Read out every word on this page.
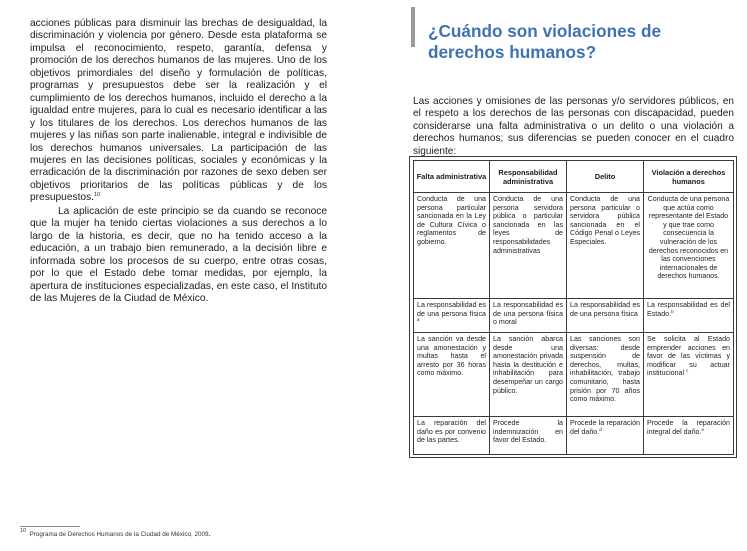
acciones públicas para disminuir las brechas de desigualdad, la discriminación y violencia por género. Desde esta plataforma se impulsa el reconocimiento, respeto, garantía, defensa y promoción de los derechos humanos de las mujeres. Uno de los objetivos primordiales del diseño y formulación de políticas, programas y presupuestos debe ser la realización y el cumplimiento de los derechos humanos, incluido el derecho a la igualdad entre mujeres, para lo cual es necesario identificar a las y los titulares de los derechos. Los derechos humanos de las mujeres y las niñas son parte inalienable, integral e indivisible de los derechos humanos universales. La participación de las mujeres en las decisiones políticas, sociales y económicas y la erradicación de la discriminación por razones de sexo deben ser objetivos prioritarios de las políticas públicas y de los presupuestos.$^{10}$

La aplicación de este principio se da cuando se reconoce que la mujer ha tenido ciertas violaciones a sus derechos a lo largo de la historia, es decir, que no ha tenido acceso a la educación, a un trabajo bien remunerado, a la decisión libre e informada sobre los procesos de su cuerpo, entre otras cosas, por lo que el Estado debe tomar medidas, por ejemplo, la apertura de instituciones especializadas, en este caso, el Instituto de las Mujeres de la Ciudad de México.

10 Programa de Derechos Humanos de la Ciudad de México, 2009.
¿Cuándo son violaciones de derechos humanos?

Las acciones y omisiones de las personas y/o servidores públicos, en el respeto a los derechos de las personas con discapacidad, pueden considerarse una falta administrativa o un delito o una violación a derechos humanos; sus diferencias se pueden conocer en el cuadro siguiente:

Falta administrativa	Responsabilidad administrativa	Delito	Violación a derechos humanos
Conducta de una persona particular sancionada en la Ley de Cultura Cívica o reglamentos de gobierno.	Conducta de una persona servidora pública o particular sancionada en las leyes de responsabilidades administrativas	Conducta de una persona particular o servidora pública sancionada en el Código Penal o Leyes Especiales.	Conducta de una persona que actúa como representante del Estado y que trae como consecuencia la vulneración de los derechos reconocidos en las convenciones internacionales de derechos humanos.
La responsabilidad es de una persona física $^a$	La responsabilidad es de una persona física o moral	La responsabilidad es de una persona física	La responsabilidad es del Estado.$^b$
La sanción va desde una amonestación y multas hasta el arresto por 36 horas como máximo.	La sanción abarca desde una amonestación privada hasta la destitución e inhabilitación para desempeñar un cargo público.	Las sanciones son diversas: desde suspensión de derechos, multas, inhabilitación, trabajo comunitario, hasta prisión por 70 años como máximo.	Se solicita al Estado emprender acciones en favor de las víctimas y modificar su actuar institucional $^c$
La reparación del daño es por convenio de las partes.	Procede la indemnización en favor del Estado.	Procede la reparación del daño.$^d$	Procede la reparación integral del daño.$^e$
